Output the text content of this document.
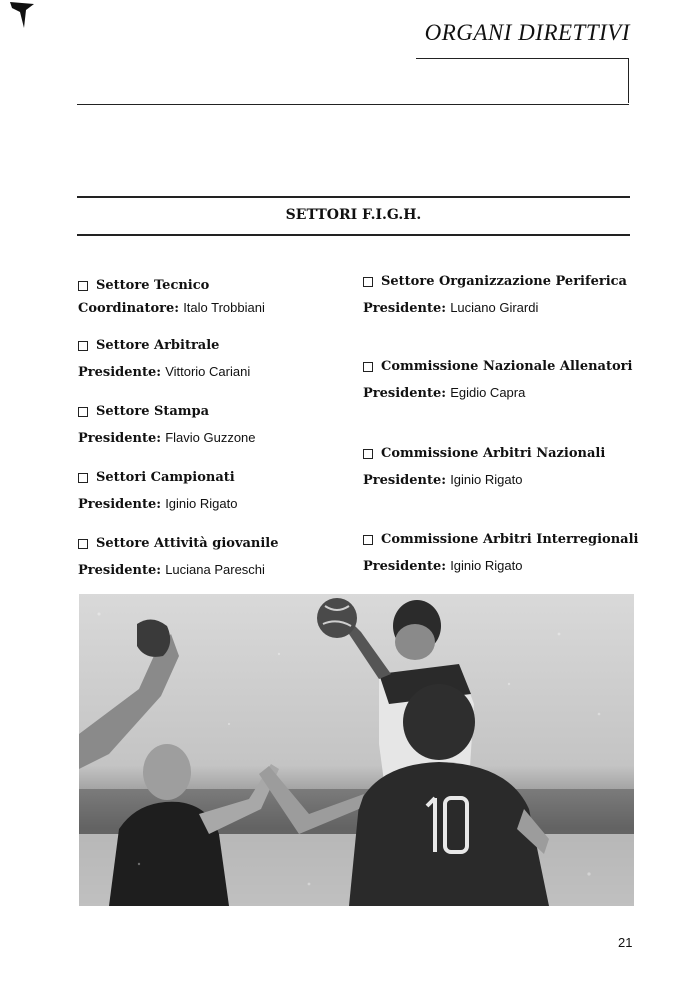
ORGANI DIRETTIVI
SETTORI F.I.G.H.
Settore Tecnico
Coordinatore: Italo Trobbiani
Settore Arbitrale
Presidente: Vittorio Cariani
Settore Stampa
Presidente: Flavio Guzzone
Settori Campionati
Presidente: Iginio Rigato
Settore Attività giovanile
Presidente: Luciana Pareschi
Settore Organizzazione Periferica
Presidente: Luciano Girardi
Commissione Nazionale Allenatori
Presidente: Egidio Capra
Commissione Arbitri Nazionali
Presidente: Iginio Rigato
Commissione Arbitri Interregionali
Presidente: Iginio Rigato
21
